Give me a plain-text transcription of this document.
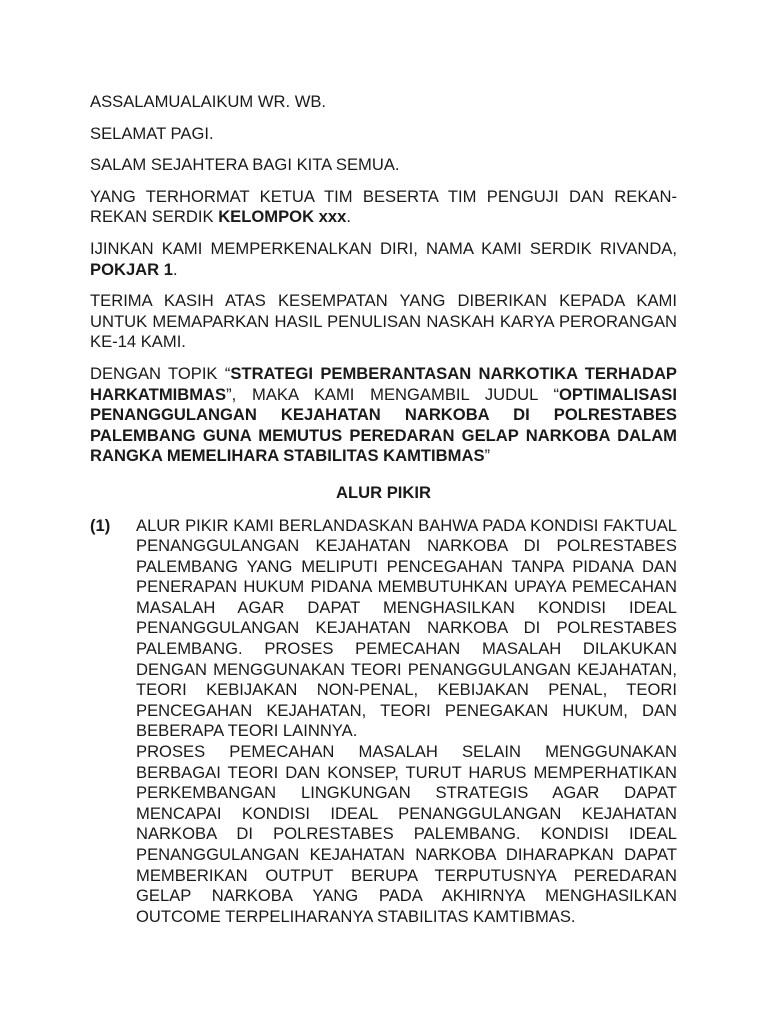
ASSALAMUALAIKUM WR. WB.

SELAMAT PAGI.

SALAM SEJAHTERA BAGI KITA SEMUA.

YANG TERHORMAT KETUA TIM BESERTA TIM PENGUJI DAN REKAN-REKAN SERDIK KELOMPOK xxx.

IJINKAN KAMI MEMPERKENALKAN DIRI, NAMA KAMI SERDIK RIVANDA, POKJAR 1.

TERIMA KASIH ATAS KESEMPATAN YANG DIBERIKAN KEPADA KAMI UNTUK MEMAPARKAN HASIL PENULISAN NASKAH KARYA PERORANGAN KE-14 KAMI.

DENGAN TOPIK “STRATEGI PEMBERANTASAN NARKOTIKA TERHADAP HARKATMIBMAS”, MAKA KAMI MENGAMBIL JUDUL “OPTIMALISASI PENANGGULANGAN KEJAHATAN NARKOBA DI POLRESTABES PALEMBANG GUNA MEMUTUS PEREDARAN GELAP NARKOBA DALAM RANGKA MEMELIHARA STABILITAS KAMTIBMAS”

ALUR PIKIR
(1)	ALUR PIKIR KAMI BERLANDASKAN BAHWA PADA KONDISI FAKTUAL PENANGGULANGAN KEJAHATAN NARKOBA DI POLRESTABES PALEMBANG YANG MELIPUTI PENCEGAHAN TANPA PIDANA DAN PENERAPAN HUKUM PIDANA MEMBUTUHKAN UPAYA PEMECAHAN MASALAH AGAR DAPAT MENGHASILKAN KONDISI IDEAL PENANGGULANGAN KEJAHATAN NARKOBA DI POLRESTABES PALEMBANG. PROSES PEMECAHAN MASALAH DILAKUKAN DENGAN MENGGUNAKAN TEORI PENANGGULANGAN KEJAHATAN, TEORI KEBIJAKAN NON-PENAL, KEBIJAKAN PENAL, TEORI PENCEGAHAN KEJAHATAN, TEORI PENEGAKAN HUKUM, DAN BEBERAPA TEORI LAINNYA.

PROSES PEMECAHAN MASALAH SELAIN MENGGUNAKAN BERBAGAI TEORI DAN KONSEP, TURUT HARUS MEMPERHATIKAN PERKEMBANGAN LINGKUNGAN STRATEGIS AGAR DAPAT MENCAPAI KONDISI IDEAL PENANGGULANGAN KEJAHATAN NARKOBA DI POLRESTABES PALEMBANG. KONDISI IDEAL PENANGGULANGAN KEJAHATAN NARKOBA DIHARAPKAN DAPAT MEMBERIKAN OUTPUT BERUPA TERPUTUSNYA PEREDARAN GELAP NARKOBA YANG PADA AKHIRNYA MENGHASILKAN OUTCOME TERPELIHARANYA STABILITAS KAMTIBMAS.
